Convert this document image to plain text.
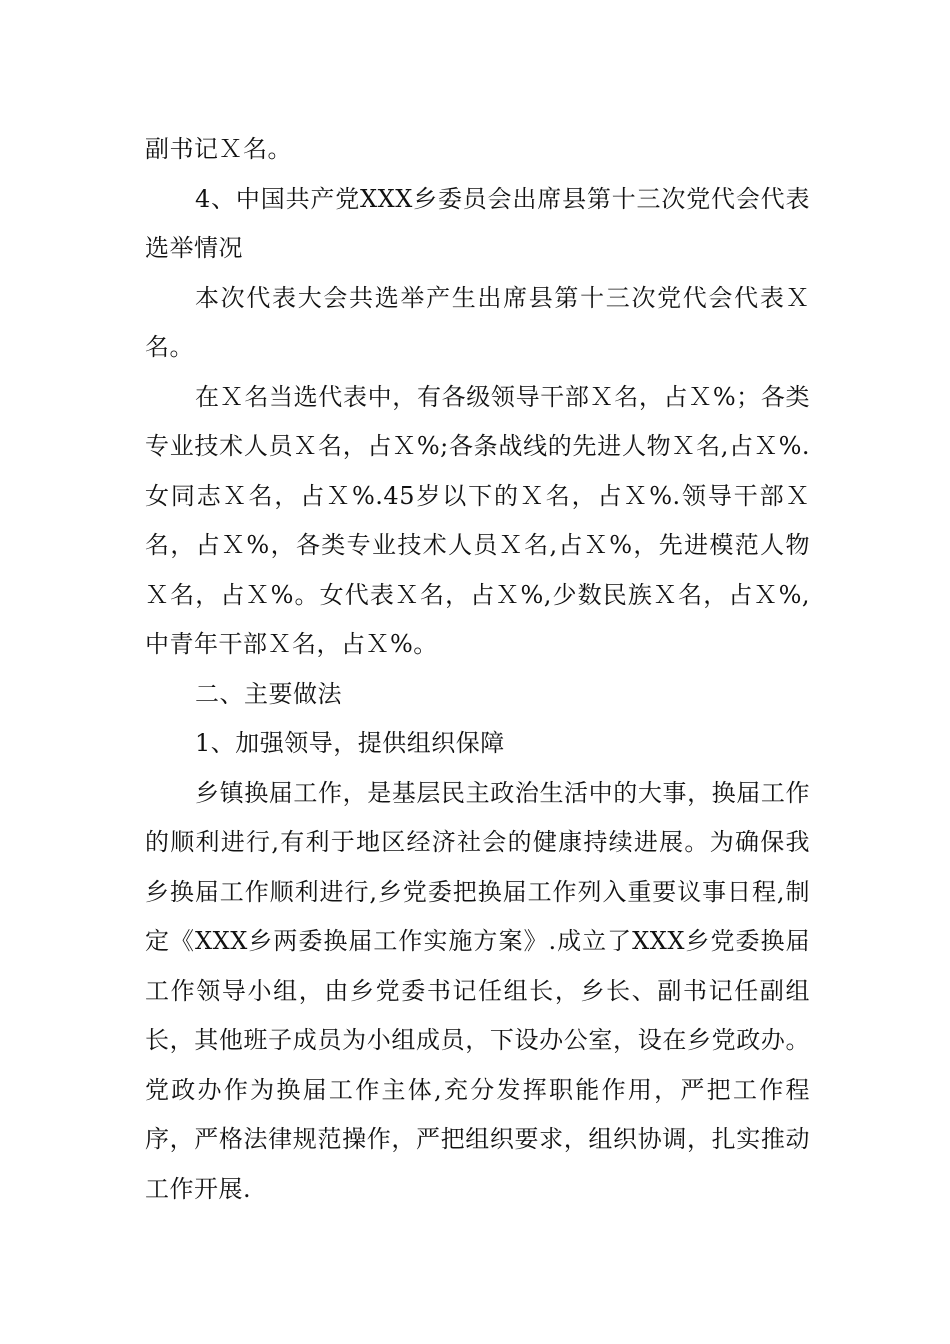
副书记Ｘ名。

4、中国共产党XXX乡委员会出席县第十三次党代会代表选举情况

本次代表大会共选举产生出席县第十三次党代会代表Ｘ名。

在Ｘ名当选代表中，有各级领导干部Ｘ名，占Ｘ%；各类专业技术人员Ｘ名，占Ｘ%;各条战线的先进人物Ｘ名,占Ｘ%.女同志Ｘ名，占Ｘ%.45岁以下的Ｘ名，占Ｘ%.领导干部Ｘ名，占Ｘ%，各类专业技术人员Ｘ名,占Ｘ%，先进模范人物Ｘ名，占Ｘ%。女代表Ｘ名，占Ｘ%,少数民族Ｘ名，占Ｘ%,中青年干部Ｘ名，占Ｘ%。

二、主要做法

1、加强领导，提供组织保障

乡镇换届工作，是基层民主政治生活中的大事，换届工作的顺利进行,有利于地区经济社会的健康持续进展。为确保我乡换届工作顺利进行,乡党委把换届工作列入重要议事日程,制定《XXX乡两委换届工作实施方案》.成立了XXX乡党委换届工作领导小组，由乡党委书记任组长，乡长、副书记任副组长，其他班子成员为小组成员，下设办公室，设在乡党政办。党政办作为换届工作主体,充分发挥职能作用，严把工作程序，严格法律规范操作，严把组织要求，组织协调，扎实推动工作开展.
